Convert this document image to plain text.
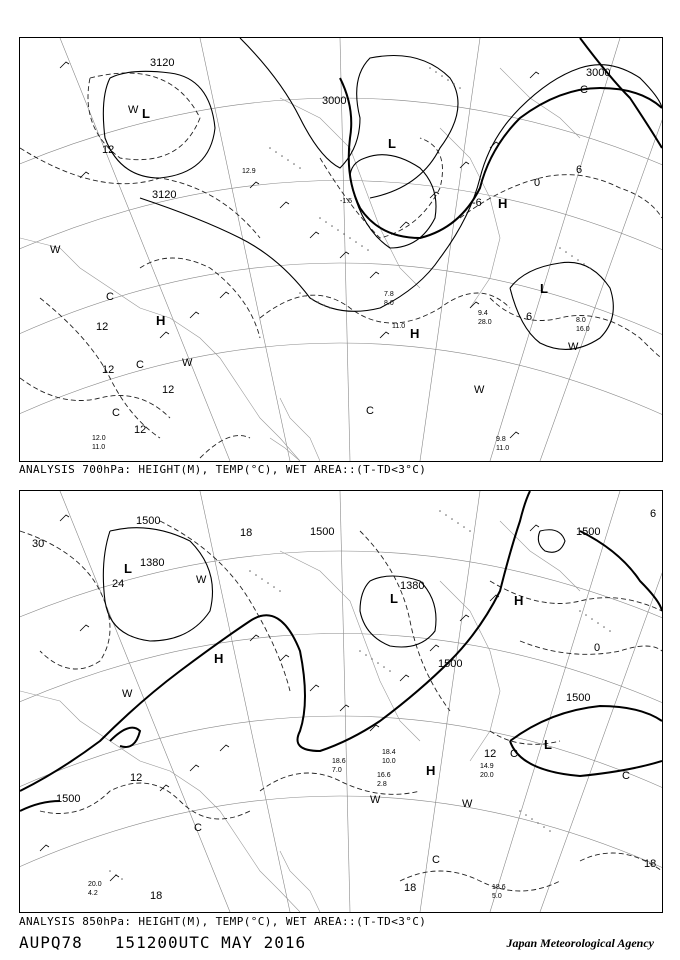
3120
3000
3000
3120
12
-6
0
6
12
12
12
6
12
L
L
H
L
H
H
W
W
W
W
W
C
C	C
C
C
9.8
11.0
8.0
16.0
9.4
28.0
12.0
11.0
7.8
8.0
11.0
-1.5
12.9
ANALYSIS 700hPa: HEIGHT(M), TEMP(°C), WET AREA::(T-TD<3°C)
1500
1380
1500
1380
1500
1500
1500
1500
30
24
18
18
12
0
6
12
18
18
L
L	H
H
L
H
W
W
W	W
C
C
C
C
20.0
4.2
18.6
5.0
14.9
20.0
18.4
10.0
16.6
2.8
18.6
7.0
ANALYSIS 850hPa: HEIGHT(M), TEMP(°C), WET AREA::(T-TD<3°C)
AUPQ78 151200UTC MAY 2016	Japan Meteorological Agency
